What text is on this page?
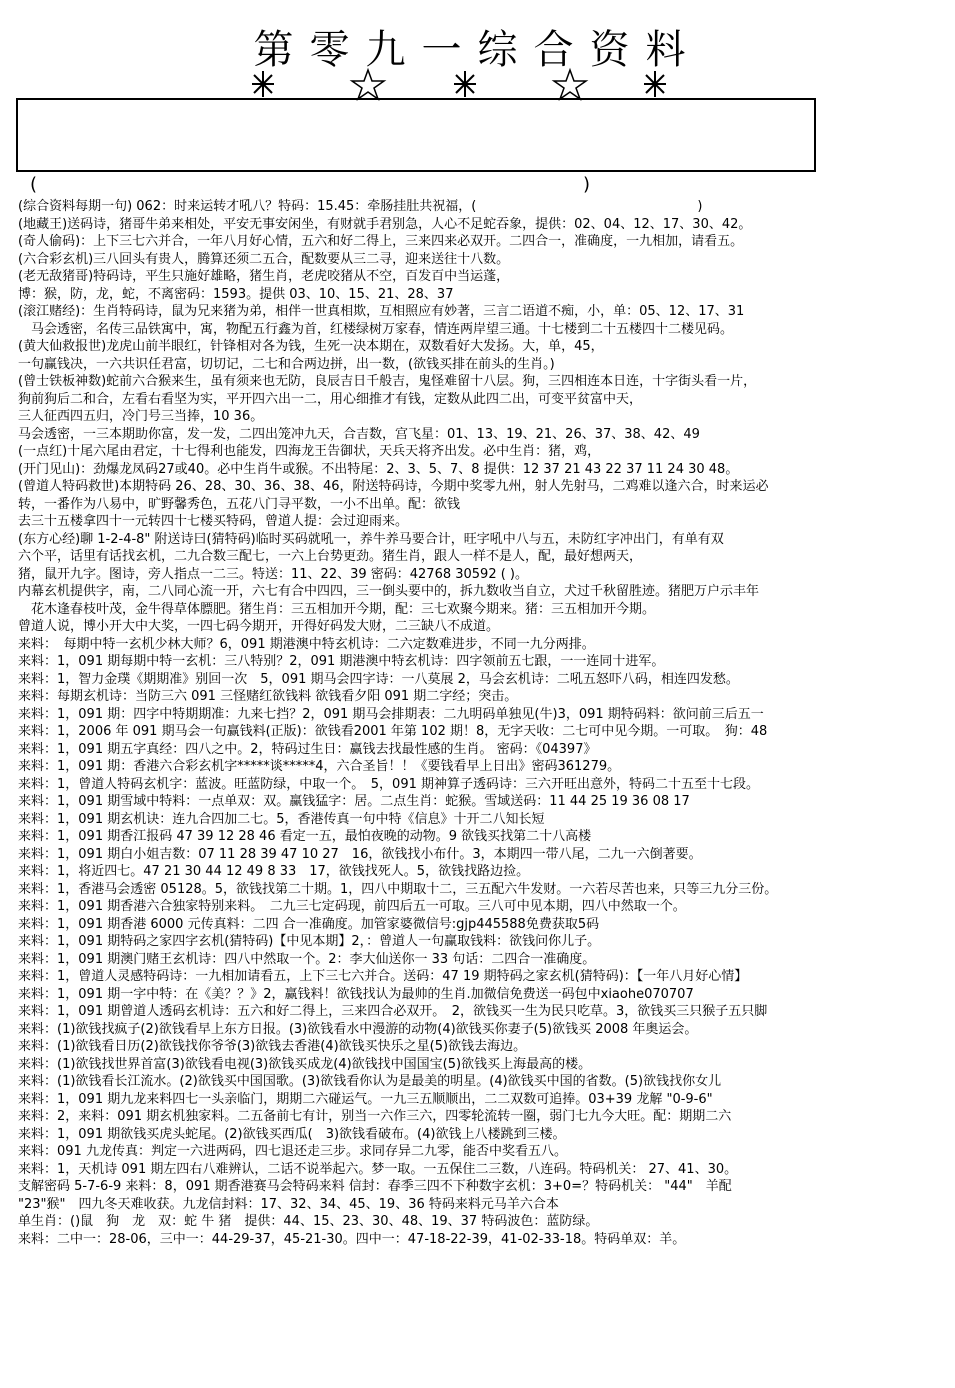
第零九一综合资料
(	)
(综合资料每期一句) 062：时来运转才吼八？特码：15.45：牵肠挂肚共祝福，(　　　　　　　　　　　　　　　　　)
(地藏王)送码诗，猪哥牛弟来相处，平安无事安闲坐，有财就手君别急，人心不足蛇吞象，提供：02、04、12、17、30、42。
(奇人偷码)：上下三七六并合，一年八月好心情，五六和好二得上，三来四来必双开。二四合一，准确度，一九相加，请看五。
(六合彩玄机)三八回头有贵人，腾算还须二五合，配数要从三二寻，迎来送往十八数。
(老无敌猪哥)特码诗，平生只施好雄略，猪生肖，老虎咬猪从不空，百发百中当运蓬，
博：猴，防，龙，蛇，不离密码：1593。提供 03、10、15、21、28、37
(滚江赌经)：生肖特码诗，鼠为兄来猪为弟，相伴一世真相欺，互相照应有妙著，三言二语道不痴，小，单：05、12、17、31
　马会透密，名传三品铁寓中，寓，物配五行鑫为首，红楼绿树万家春，情连两岸望三通。十七楼到二十五楼四十二楼见码。
(黄大仙救报世)龙虎山前半眼红，针锋相对各为钱，生死一决本期在，双数看好大发扬。大，单，45，
一句赢钱决，一六共识任君富，切切记，二七和合两边拼，出一数，(欲钱买排在前头的生肖。)
(曾士铁板神数)蛇前六合猴来生，虽有须来也无防，良辰吉日千般吉，鬼怪难留十八层。狗，三四相连本日连，十字街头看一片，
狗前狗后二和合，左看右看坚为实，平开四六出一二，用心细推才有钱，定数从此四二出，可变平贫富中天，
三人征西四五归，冷门号三当捧，10 36。
马会透密，一三本期助你富，发一发，二四出笼冲九天，合吉数，宫飞星：01、13、19、21、26、37、38、42、49
(一点红)十尾六尾由君定，十七得利也能发，四海龙王告御状，天兵天将齐出发。必中生肖：猪，鸡，
(开门见山)：劲爆龙凤码27或40。必中生肖牛或猴。不出特尾：2、3、5、7、8 提供：12 37 21 43 22 37 11 24 30 48。
(曾道人特码救世)本期特码 26、28、30、36、38、46，附送特码诗，今期中奖零九州，射人先射马，二鸡难以逢六合，时来运必
转，一番作为八易中，旷野馨秀色，五花八门寻平数，一小不出单。配：欲钱
去三十五楼拿四十一元转四十七楼买特码，曾道人提：会过迎雨来。
(东方心经)聊 1-2-4-8" 附送诗曰(猜特码)临时买码就吼一，养牛养马要合计，旺字吼中八与五，未防红字冲出门，有单有双
六个平，话里有话找玄机，二九合数三配七，一六上台势更劲。猪生肖，跟人一样不是人，配，最好想两天，
猪，鼠开九字。图诗，旁人指点一二三。特送：11、22、39 密码：42768 30592 ( )。
内幕玄机提供字，南，二八同心流一开，六七有合中四四，三一倒头要中的，拆九数收当自立，犬过千秋留胜迹。猪肥万户示丰年
　花木逢春枝叶茂，金牛得草体膘肥。猪生肖：三五相加开今期，配：三七欢聚今期来。猪：三五相加开今期。
曾道人说，博小开大中大奖，一四七码今期开，开得好码发大财，二三缺八不成道。
来料：　每期中特一玄机少林大师？6，091 期港澳中特玄机诗：二六定数难进步，不同一九分两排。
来料：1，091 期每期中特一玄机：三八特别？2，091 期港澳中特玄机诗：四字领前五七跟，一一连同十进军。
来料：1，智力金璞《期期准》别回一次　5，091 期马会四字诗：一八莫展 2，马会玄机诗：二吼五怒吓八码，相连四发愁。
来料：每期玄机诗：当防三六 091 三怪赌红欲钱料 欲钱看夕阳 091 期二字经；突击。
来料：1，091 期：四字中特期期准：九来七挡？2，091 期马会排期表：二九明码单独见(牛)3，091 期特码料：欲问前三后五一
来料：1，2006 年 091 期马会一句赢钱料(正版)：欲钱看2001 年第 102 期！8，无字天收：二七可中见今期。一可取。　狗：48
来料：1，091 期五字真经：四八之中。2，特码过生日：赢钱去找最性感的生肖。 密码：《04397》
来料：1，091 期：香港六合彩玄机字*****谈*****4，六合圣旨！！《要钱看早上日出》密码361279。
来料：1，曾道人特码玄机字：蓝波。旺蓝防绿，中取一个。　5，091 期神算子透码诗：三六开旺出意外，特码二十五至十七段。
来料：1，091 期雪域中特料：一点单双：双。赢钱猛字：居。二点生肖：蛇猴。雪域送码：11 44 25 19 36 08 17
来料：1，091 期玄机诀：连九合四加二七。5，香港传真一句中特《信息》十开二八知长短
来料：1，091 期香江报码 47 39 12 28 46 看定一五，最怕夜晚的动物。9 欲钱买找第二十八高楼
来料：1，091 期白小姐吉数：07 11 28 39 47 10 27　16，欲钱找小布什。3，本期四一带八尾，二九一六倒著要。
来料：1，将近四七。47 21 30 44 12 49 8 33　17，欲钱找死人。5，欲钱找路边捡。
来料：1，香港马会透密 05128。5，欲钱找第二十期。1，四八中期取十二，三五配六牛发财。一六若尽苦也来，只等三九分三份。
来料：1，091 期香港六合独家特别来料。　二九三七定码现，前四后五一可取。三八可中见本期，四八中然取一个。
来料：1，091 期香港 6000 元传真料：二四 合一准确度。加管家婆微信号:gjp445588免费获取5码
来料：1，091 期特码之家四字玄机(猜特码)【中见本期】2，：曾道人一句赢取钱料：欲钱问你儿子。
来料：1，091 期澳门赌王玄机诗：四八中然取一个。2：李大仙送你一 33 句话：二四合一准确度。
来料：1，曾道人灵感特码诗：一九相加请看五，上下三七六并合。送码：47 19 期特码之家玄机(猜特码)：【一年八月好心情】
来料：1，091 期一字中特：在《美？？》2，赢钱料！欲钱找认为最帅的生肖.加微信免费送一码包中xiaohe070707
来料：1，091 期曾道人透码玄机诗：五六和好二得上，三来四合必双开。　2，欲钱买一生为民只吃草。3，欲钱买三只猴子五只脚
来料：(1)欲钱找疯子(2)欲钱看早上东方日报。(3)欲钱看水中漫游的动物(4)欲钱买你妻子(5)欲钱买 2008 年奥运会。
来料：(1)欲钱看日历(2)欲钱找你爷爷(3)欲钱去香港(4)欲钱买快乐之星(5)欲钱去海边。
来料：(1)欲钱找世界首富(3)欲钱看电视(3)欲钱买成龙(4)欲钱找中国国宝(5)欲钱买上海最高的楼。
来料：(1)欲钱看长江流水。(2)欲钱买中国国歌。(3)欲钱看你认为是最美的明星。(4)欲钱买中国的省数。(5)欲钱找你女儿
来料：1，091 期九龙来料四七一头亲临门，期期二六碰运气。一九三五顺顺出，二二双数可追捧。03+39 龙解 "0-9-6"
来料：2，来料：091 期玄机独家料。二五备前七有计，别当一六作三六，四零轮流转一圈，弱门七九今大旺。配：期期二六
来料：1，091 期欲钱买虎头蛇尾。(2)欲钱买西瓜(　3)欲钱看破布。(4)欲钱上八楼跳到三楼。
来料：091 九龙传真：判定一六进两码，四七退还走三步。求同存异二九零，能否中奖看五八。
来料：1，天机诗 091 期左四右八难辨认，二话不说举起六。梦一取。一五保住二三数，八连码。特码机关： 27、41、30。
支解密码 5-7-6-9 来料：8，091 期香港赛马会特码来料 信封：春季三四不下种数字玄机：3+0=？特码机关： "44"　羊配
"23"猴"　四九冬天难收获。九龙信封料：17、32、34、45、19、36 特码来料元马羊六合本
单生肖：()鼠　狗　龙　双：蛇 牛 猪　提供：44、15、23、30、48、19、37 特码波色：蓝防绿。
来料：二中一：28-06，三中一：44-29-37，45-21-30。四中一：47-18-22-39，41-02-33-18。特码单双：羊。
